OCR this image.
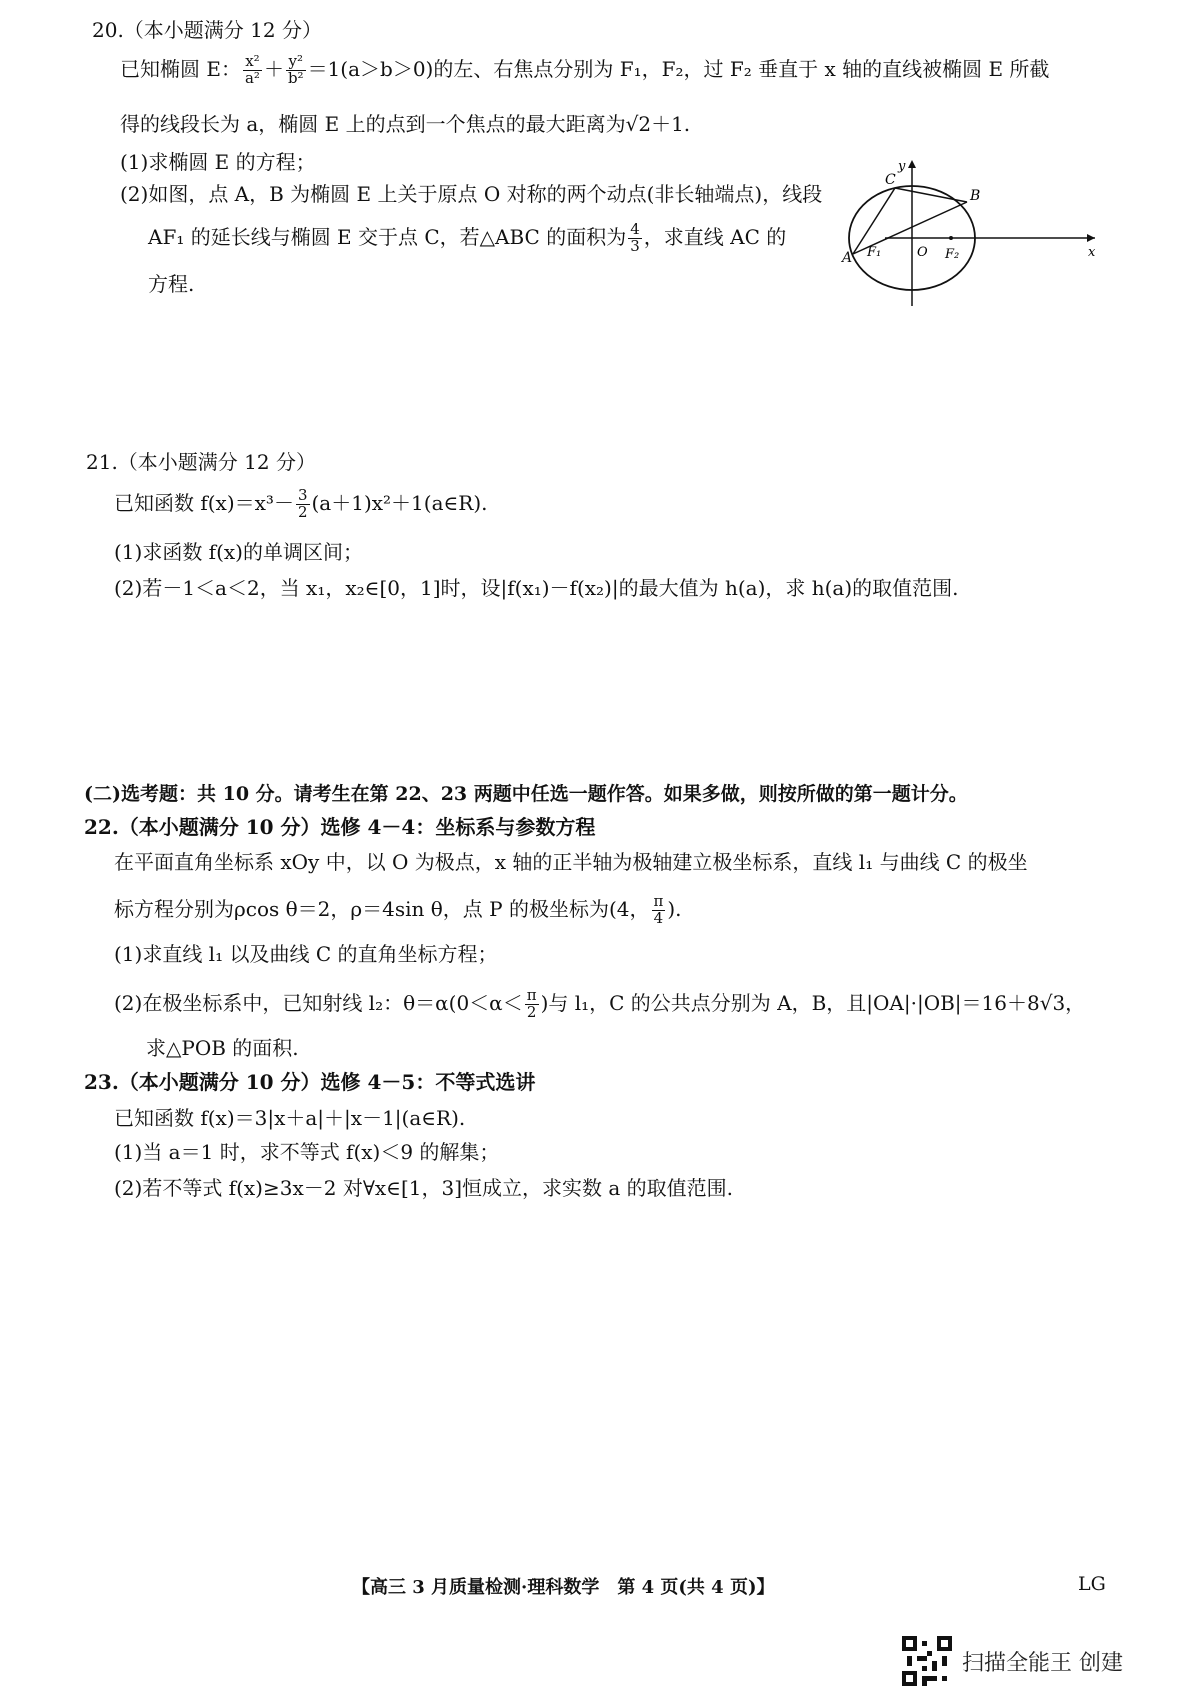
20.（本小题满分 12 分）
已知椭圆 E： $\frac{\text{x²}}{\text{a²}} + \frac{\text{y²}}{\text{b²}} =1(a>b>0)$的左、右焦点分别为 F₁，F₂，过 F₂ 垂直于 x 轴的直线被椭圆 E 所截
得的线段长为 a，椭圆 E 上的点到一个焦点的最大距离为√2＋1.
(1)求椭圆 E 的方程；
(2)如图，点 A，B 为椭圆 E 上关于原点 O 对称的两个动点(非长轴端点)，线段
AF₁ 的延长线与椭圆 E 交于点 C，若△ABC 的面积为 $\frac{4}{3}$ ，求直线 AC 的
方程.
y
x
C
B
F₁	O F₂
A
21.（本小题满分 12 分）
已知函数 $f(x)=x^3- \frac{3}{2}$ (a＋1)x²＋1(a∈R).
(1)求函数 f(x)的单调区间；
(2)若－1＜a＜2，当 x₁，x₂∈[0，1]时，设|f(x₁)－f(x₂)|的最大值为 h(a)，求 h(a)的取值范围.
(二)选考题：共 10 分。请考生在第 22、23 两题中任选一题作答。如果多做，则按所做的第一题计分。
22.（本小题满分 10 分）选修 4－4：坐标系与参数方程
在平面直角坐标系 xOy 中，以 O 为极点，x 轴的正半轴为极轴建立极坐标系，直线 l₁ 与曲线 C 的极坐
标方程分别为ρcos θ＝2，ρ＝4sin θ，点 P 的极坐标为(4， $\frac{\pi}{4}$ ).
(1)求直线 l₁ 以及曲线 C 的直角坐标方程；
(2)在极坐标系中，已知射线 l₂：$\theta=\alpha(0<\alpha< \frac{\pi}{2}$ )与 l₁，C 的公共点分别为 A，B，且|OA|·|OB|＝16＋8√3，
求△POB 的面积.
23.（本小题满分 10 分）选修 4－5：不等式选讲
已知函数 f(x)＝3|x＋a|＋|x－1|(a∈R).
(1)当 a＝1 时，求不等式 f(x)＜9 的解集；
(2)若不等式 f(x)≥3x－2 对∀x∈[1，3]恒成立，求实数 a 的取值范围.
【高三 3 月质量检测·理科数学　第 4 页(共 4 页)】	LG
扫描全能王 创建
